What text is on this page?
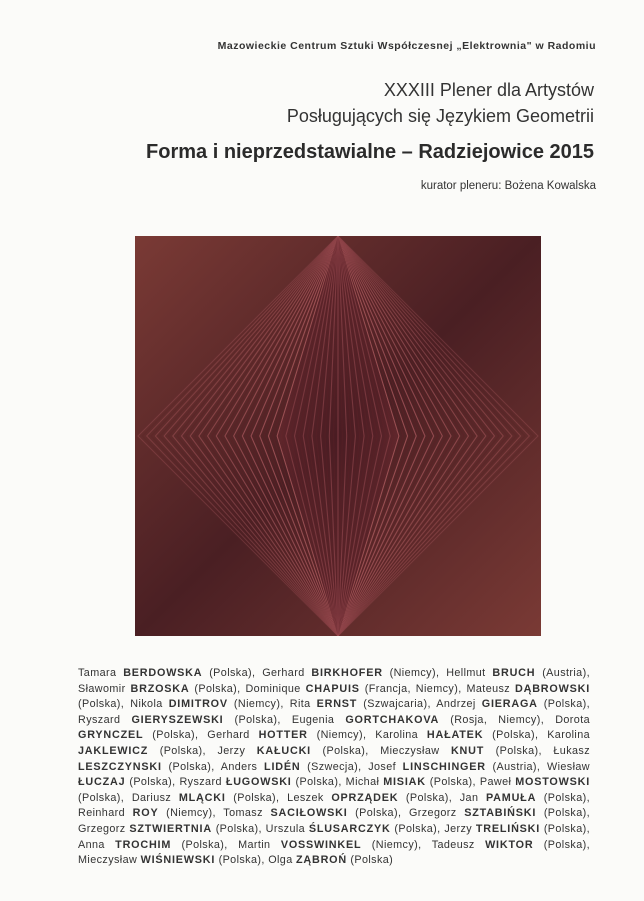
Mazowieckie Centrum Sztuki Współczesnej „Elektrownia" w Radomiu
XXXIII Plener dla Artystów
Posługujących się Językiem Geometrii
Forma i nieprzedstawialne – Radziejowice 2015
kurator pleneru: Bożena Kowalska
Tamara BERDOWSKA (Polska), Gerhard BIRKHOFER (Niemcy), Hellmut BRUCH (Austria), Sławomir BRZOSKA (Polska), Dominique CHAPUIS (Francja, Niemcy), Mateusz DĄBROWSKI (Polska), Nikola DIMITROV (Niemcy), Rita ERNST (Szwajcaria), Andrzej GIERAGA (Polska), Ryszard GIERYSZEWSKI (Polska), Eugenia GORTCHAKOVA (Rosja, Niemcy), Dorota GRYNCZEL (Polska), Gerhard HOTTER (Niemcy), Karolina HAŁATEK (Polska), Karolina JAKLEWICZ (Polska), Jerzy KAŁUCKI (Polska), Mieczysław KNUT (Polska), Łukasz LESZCZYNSKI (Polska), Anders LIDÉN (Szwecja), Josef LINSCHINGER (Austria), Wiesław ŁUCZAJ (Polska), Ryszard ŁUGOWSKI (Polska), Michał MISIAK (Polska), Paweł MOSTOWSKI (Polska), Dariusz MLĄCKI (Polska), Leszek OPRZĄDEK (Polska), Jan PAMUŁA (Polska), Reinhard ROY (Niemcy), Tomasz SACIŁOWSKI (Polska), Grzegorz SZTABIŃSKI (Polska), Grzegorz SZTWIERTNIA (Polska), Urszula ŚLUSARCZYK (Polska), Jerzy TRELIŃSKI (Polska), Anna TROCHIM (Polska), Martin VOSSWINKEL (Niemcy), Tadeusz WIKTOR (Polska), Mieczysław WIŚNIEWSKI (Polska), Olga ZĄBROŃ (Polska)
